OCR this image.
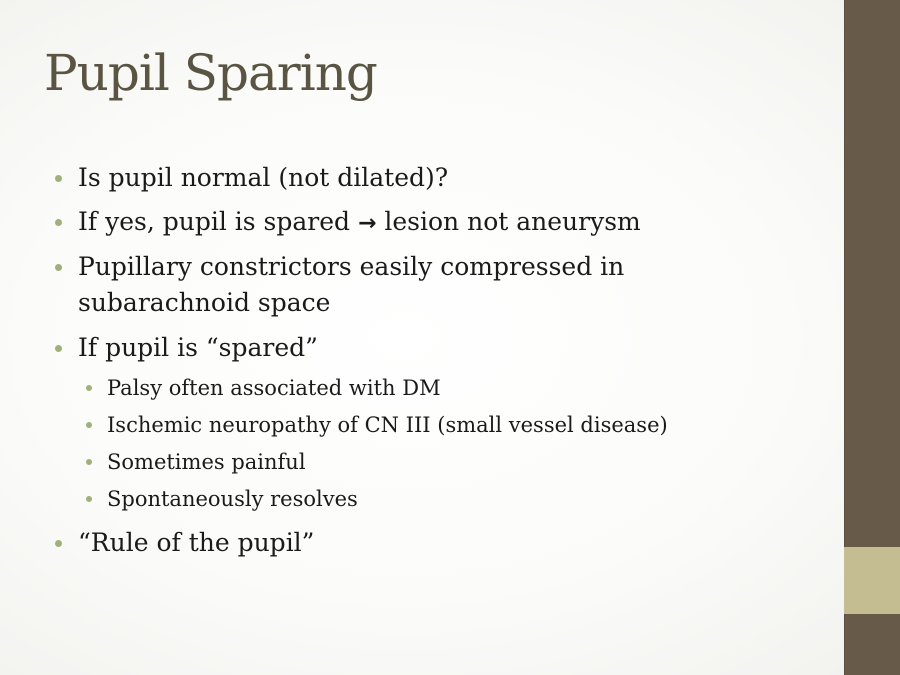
Pupil Sparing
Is pupil normal (not dilated)?
If yes, pupil is spared → lesion not aneurysm
Pupillary constrictors easily compressed in
subarachnoid space
If pupil is “spared”
Palsy often associated with DM
Ischemic neuropathy of CN III (small vessel disease)
Sometimes painful
Spontaneously resolves
“Rule of the pupil”
